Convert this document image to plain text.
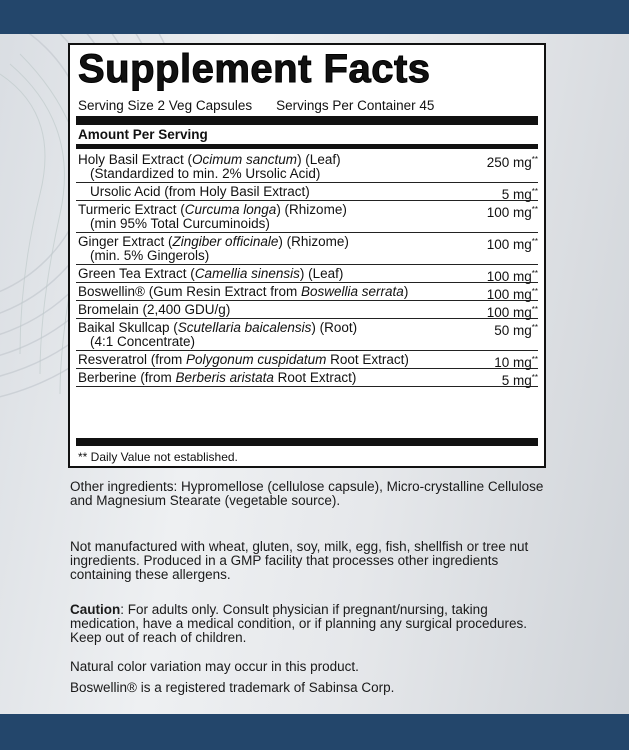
Supplement Facts
Serving Size 2 Veg Capsules Servings Per Container 45
Amount Per Serving
Holy Basil Extract (Ocimum sanctum) (Leaf)
(Standardized to min. 2% Ursolic Acid)
250 mg**
Ursolic Acid (from Holy Basil Extract)	5 mg**
Turmeric Extract (Curcuma longa) (Rhizome)
(min 95% Total Curcuminoids)
100 mg**
Ginger Extract (Zingiber officinale) (Rhizome)
(min. 5% Gingerols)
100 mg**
Green Tea Extract (Camellia sinensis) (Leaf)	100 mg**
Boswellin® (Gum Resin Extract from Boswellia serrata)	100 mg**
Bromelain (2,400 GDU/g)	100 mg**
Baikal Skullcap (Scutellaria baicalensis) (Root)
(4:1 Concentrate)
50 mg**
Resveratrol (from Polygonum cuspidatum Root Extract)	10 mg**
Berberine (from Berberis aristata Root Extract)	5 mg**
** Daily Value not established.
Other ingredients: Hypromellose (cellulose capsule), Micro-crystalline Cellulose and Magnesium Stearate (vegetable source).
Not manufactured with wheat, gluten, soy, milk, egg, fish, shellfish or tree nut ingredients. Produced in a GMP facility that processes other ingredients containing these allergens.
Caution: For adults only. Consult physician if pregnant/nursing, taking medication, have a medical condition, or if planning any surgical procedures. Keep out of reach of children.
Natural color variation may occur in this product.
Boswellin® is a registered trademark of Sabinsa Corp.
